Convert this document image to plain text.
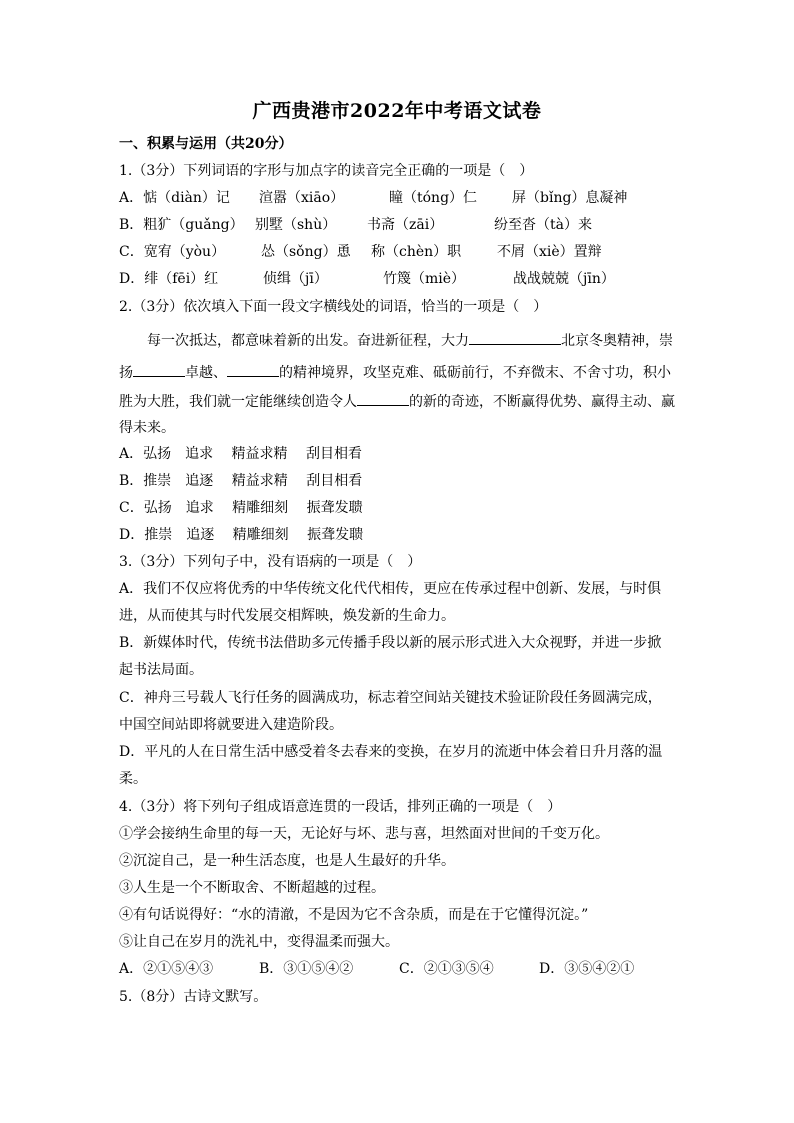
广西贵港市2022年中考语文试卷
一、积累与运用（共20分）
1.（3分）下列词语的字形与加点字的读音完全正确的一项是（　）
A．惦（diàn）记 渲嚣（xiāo）	瞳（tóng）仁 屏（bǐng）息凝神
B．粗犷（guǎng） 别墅（shù） 书斋（zāi）	纷至沓（tà）来
C．宽宥（yòu）	怂（sǒng）恿 称（chèn）职	不屑（xiè）置辩
D．绯（fēi）红	侦缉（jī）	竹篾（miè）	战战兢兢（jīn）
2.（3分）依次填入下面一段文字横线处的词语，恰当的一项是（　）
每一次抵达，都意味着新的出发。奋进新征程，大力	北京冬奥精神，崇
扬	卓越、	的精神境界，攻坚克难、砥砺前行，不弃微末、不舍寸功，积小
胜为大胜，我们就一定能继续创造令人	的新的奇迹，不断赢得优势、赢得主动、赢
得未来。
A．弘扬　追求　 精益求精　 刮目相看
B．推崇　追逐　 精益求精　 刮目相看
C．弘扬　追求　 精雕细刻　 振聋发聩
D．推崇　追逐　 精雕细刻　 振聋发聩
3.（3分）下列句子中，没有语病的一项是（　）
A．我们不仅应将优秀的中华传统文化代代相传，更应在传承过程中创新、发展，与时俱
进，从而使其与时代发展交相辉映，焕发新的生命力。
B．新媒体时代，传统书法借助多元传播手段以新的展示形式进入大众视野，并进一步掀
起书法局面。
C．神舟三号载人飞行任务的圆满成功，标志着空间站关键技术验证阶段任务圆满完成，
中国空间站即将就要进入建造阶段。
D．平凡的人在日常生活中感受着冬去春来的变换，在岁月的流逝中体会着日升月落的温
柔。
4.（3分）将下列句子组成语意连贯的一段话，排列正确的一项是（　）
①学会接纳生命里的每一天，无论好与坏、悲与喜，坦然面对世间的千变万化。
②沉淀自己，是一种生活态度，也是人生最好的升华。
③人生是一个不断取舍、不断超越的过程。
④有句话说得好：“水的清澈，不是因为它不含杂质，而是在于它懂得沉淀。”
⑤让自己在岁月的洗礼中，变得温柔而强大。
A．②①⑤④③	B．③①⑤④②	C．②①③⑤④	D．③⑤④②①
5.（8分）古诗文默写。
